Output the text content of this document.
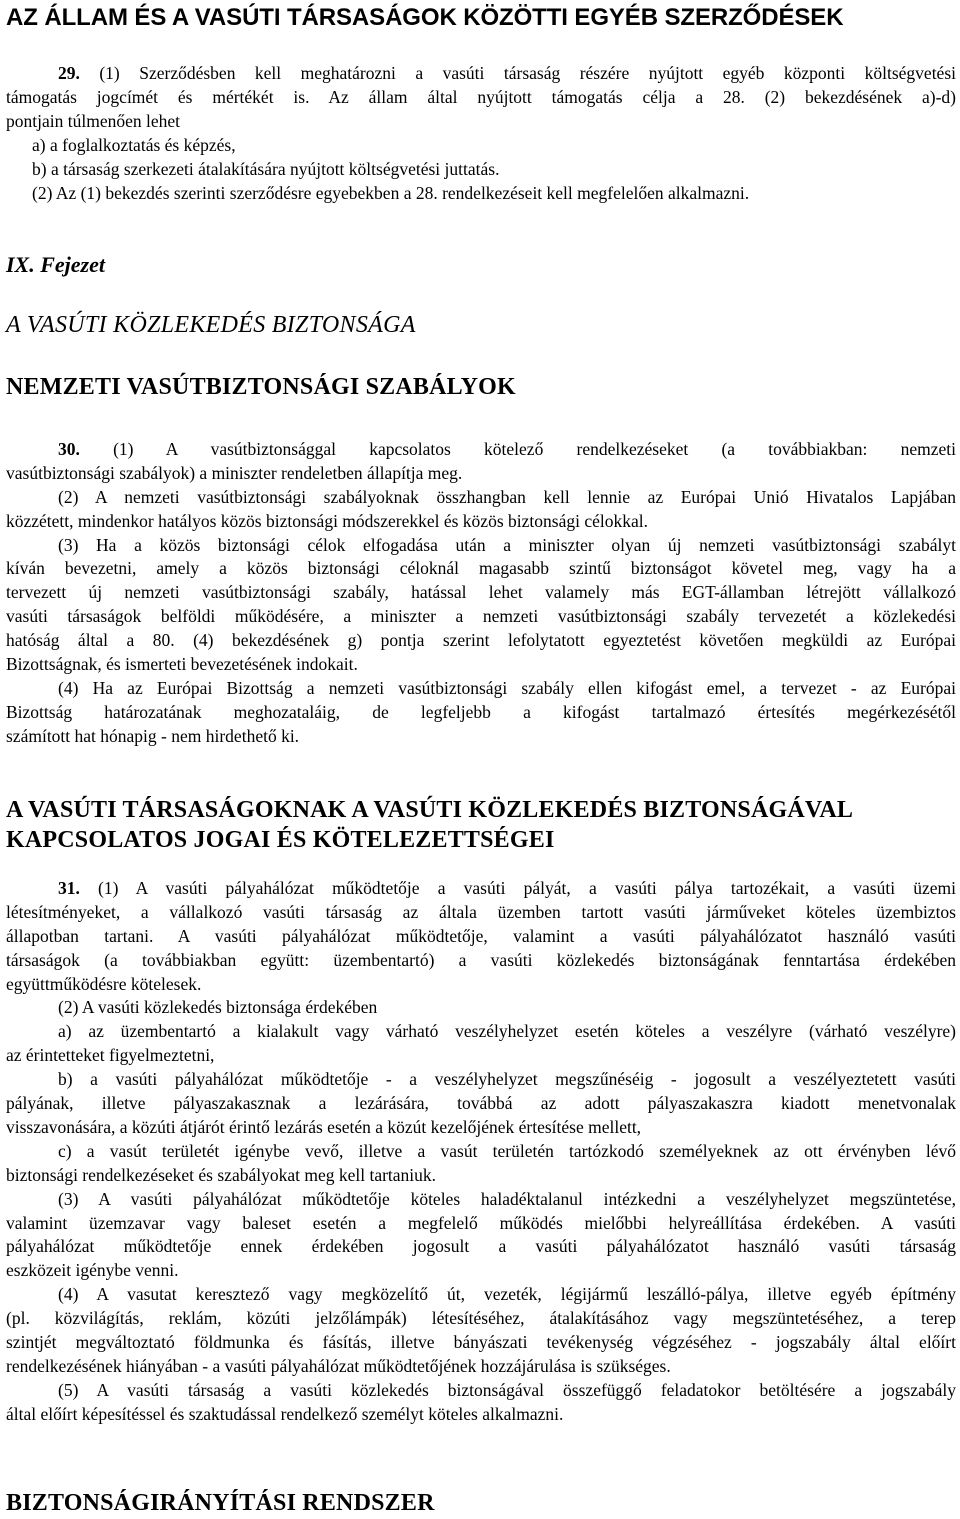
AZ ÁLLAM ÉS A VASÚTI TÁRSASÁGOK KÖZÖTTI EGYÉB SZERZŐDÉSEK
29. (1) Szerződésben kell meghatározni a vasúti társaság részére nyújtott egyéb központi költségvetési
támogatás jogcímét és mértékét is. Az állam által nyújtott támogatás célja a 28. (2) bekezdésének a)-d)
pontjain túlmenően lehet
a) a foglalkoztatás és képzés,
b) a társaság szerkezeti átalakítására nyújtott költségvetési juttatás.
(2) Az (1) bekezdés szerinti szerződésre egyebekben a 28. rendelkezéseit kell megfelelően alkalmazni.
IX. Fejezet
A VASÚTI KÖZLEKEDÉS BIZTONSÁGA
NEMZETI VASÚTBIZTONSÁGI SZABÁLYOK
30. (1) A vasútbiztonsággal kapcsolatos kötelező rendelkezéseket (a továbbiakban: nemzeti
vasútbiztonsági szabályok) a miniszter rendeletben állapítja meg.
(2) A nemzeti vasútbiztonsági szabályoknak összhangban kell lennie az Európai Unió Hivatalos Lapjában
közzétett, mindenkor hatályos közös biztonsági módszerekkel és közös biztonsági célokkal.
(3) Ha a közös biztonsági célok elfogadása után a miniszter olyan új nemzeti vasútbiztonsági szabályt
kíván bevezetni, amely a közös biztonsági céloknál magasabb szintű biztonságot követel meg, vagy ha a
tervezett új nemzeti vasútbiztonsági szabály, hatással lehet valamely más EGT-államban létrejött vállalkozó
vasúti társaságok belföldi működésére, a miniszter a nemzeti vasútbiztonsági szabály tervezetét a közlekedési
hatóság által a 80. (4) bekezdésének g) pontja szerint lefolytatott egyeztetést követően megküldi az Európai
Bizottságnak, és ismerteti bevezetésének indokait.
(4) Ha az Európai Bizottság a nemzeti vasútbiztonsági szabály ellen kifogást emel, a tervezet - az Európai
Bizottság határozatának meghozataláig, de legfeljebb a kifogást tartalmazó értesítés megérkezésétől
számított hat hónapig - nem hirdethető ki.
A VASÚTI TÁRSASÁGOKNAK A VASÚTI KÖZLEKEDÉS BIZTONSÁGÁVAL
KAPCSOLATOS JOGAI ÉS KÖTELEZETTSÉGEI
31. (1) A vasúti pályahálózat működtetője a vasúti pályát, a vasúti pálya tartozékait, a vasúti üzemi
létesítményeket, a vállalkozó vasúti társaság az általa üzemben tartott vasúti járműveket köteles üzembiztos
állapotban tartani. A vasúti pályahálózat működtetője, valamint a vasúti pályahálózatot használó vasúti
társaságok (a továbbiakban együtt: üzembentartó) a vasúti közlekedés biztonságának fenntartása érdekében
együttműködésre kötelesek.
(2) A vasúti közlekedés biztonsága érdekében
a) az üzembentartó a kialakult vagy várható veszélyhelyzet esetén köteles a veszélyre (várható veszélyre)
az érintetteket figyelmeztetni,
b) a vasúti pályahálózat működtetője - a veszélyhelyzet megszűnéséig - jogosult a veszélyeztetett vasúti
pályának, illetve pályaszakasznak a lezárására, továbbá az adott pályaszakaszra kiadott menetvonalak
visszavonására, a közúti átjárót érintő lezárás esetén a közút kezelőjének értesítése mellett,
c) a vasút területét igénybe vevő, illetve a vasút területén tartózkodó személyeknek az ott érvényben lévő
biztonsági rendelkezéseket és szabályokat meg kell tartaniuk.
(3) A vasúti pályahálózat működtetője köteles haladéktalanul intézkedni a veszélyhelyzet megszüntetése,
valamint üzemzavar vagy baleset esetén a megfelelő működés mielőbbi helyreállítása érdekében. A vasúti
pályahálózat működtetője ennek érdekében jogosult a vasúti pályahálózatot használó vasúti társaság
eszközeit igénybe venni.
(4) A vasutat keresztező vagy megközelítő út, vezeték, légijármű leszálló-pálya, illetve egyéb építmény
(pl. közvilágítás, reklám, közúti jelzőlámpák) létesítéséhez, átalakításához vagy megszüntetéséhez, a terep
szintjét megváltoztató földmunka és fásítás, illetve bányászati tevékenység végzéséhez - jogszabály által előírt
rendelkezésének hiányában - a vasúti pályahálózat működtetőjének hozzájárulása is szükséges.
(5) A vasúti társaság a vasúti közlekedés biztonságával összefüggő feladatokor betöltésére a jogszabály
által előírt képesítéssel és szaktudással rendelkező személyt köteles alkalmazni.
BIZTONSÁGIRÁNYÍTÁSI RENDSZER
